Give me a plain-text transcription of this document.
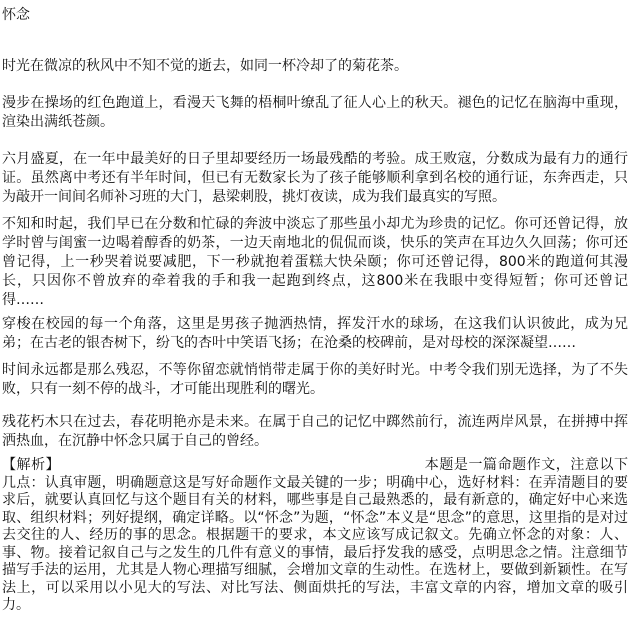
怀念

时光在微凉的秋风中不知不觉的逝去，如同一杯冷却了的菊花茶。

漫步在操场的红色跑道上，看漫天飞舞的梧桐叶缭乱了征人心上的秋天。褪色的记忆在脑海中重现，渲染出满纸苍颜。

六月盛夏，在一年中最美好的日子里却要经历一场最残酷的考验。成王败寇，分数成为最有力的通行证。虽然离中考还有半年时间，但已有无数家长为了孩子能够顺利拿到名校的通行证，东奔西走，只为敲开一间间名师补习班的大门，悬梁刺股，挑灯夜读，成为我们最真实的写照。

不知和时起，我们早已在分数和忙碌的奔波中淡忘了那些虽小却尤为珍贵的记忆。你可还曾记得，放学时曾与闺蜜一边喝着醇香的奶茶，一边天南地北的侃侃而谈，快乐的笑声在耳边久久回荡；你可还曾记得，上一秒哭着说要减肥，下一秒就抱着蛋糕大快朵颐；你可还曾记得，800米的跑道何其漫长，只因你不曾放弃的牵着我的手和我一起跑到终点，这800米在我眼中变得短暂；你可还曾记得……

穿梭在校园的每一个角落，这里是男孩子抛洒热情，挥发汗水的球场，在这我们认识彼此，成为兄弟；在古老的银杏树下，纷飞的杏叶中笑语飞扬；在沧桑的校碑前，是对母校的深深凝望……

时间永远都是那么残忍，不等你留恋就悄悄带走属于你的美好时光。中考令我们别无选择，为了不失败，只有一刻不停的战斗，才可能出现胜利的曙光。

残花朽木只在过去，春花明艳亦是未来。在属于自己的记忆中踯然前行，流连两岸风景，在拼搏中挥洒热血，在沉静中怀念只属于自己的曾经。

【解析】	本题是一篇命题作文，注意以下几点：认真审题，明确题意这是写好命题作文最关键的一步；明确中心，选好材料：在弄清题目的要求后，就要认真回忆与这个题目有关的材料，哪些事是自己最熟悉的，最有新意的，确定好中心来选取、组织材料；列好提纲，确定详略。以“怀念”为题，“怀念”本义是“思念”的意思，这里指的是对过去交往的人、经历的事的思念。根据题干的要求，本文应该写成记叙文。先确立怀念的对象：人、事、物。接着记叙自己与之发生的几件有意义的事情，最后抒发我的感受，点明思念之情。注意细节描写手法的运用，尤其是人物心理描写细腻，会增加文章的生动性。在选材上，要做到新颖性。在写法上，可以采用以小见大的写法、对比写法、侧面烘托的写法，丰富文章的内容，增加文章的吸引力。
